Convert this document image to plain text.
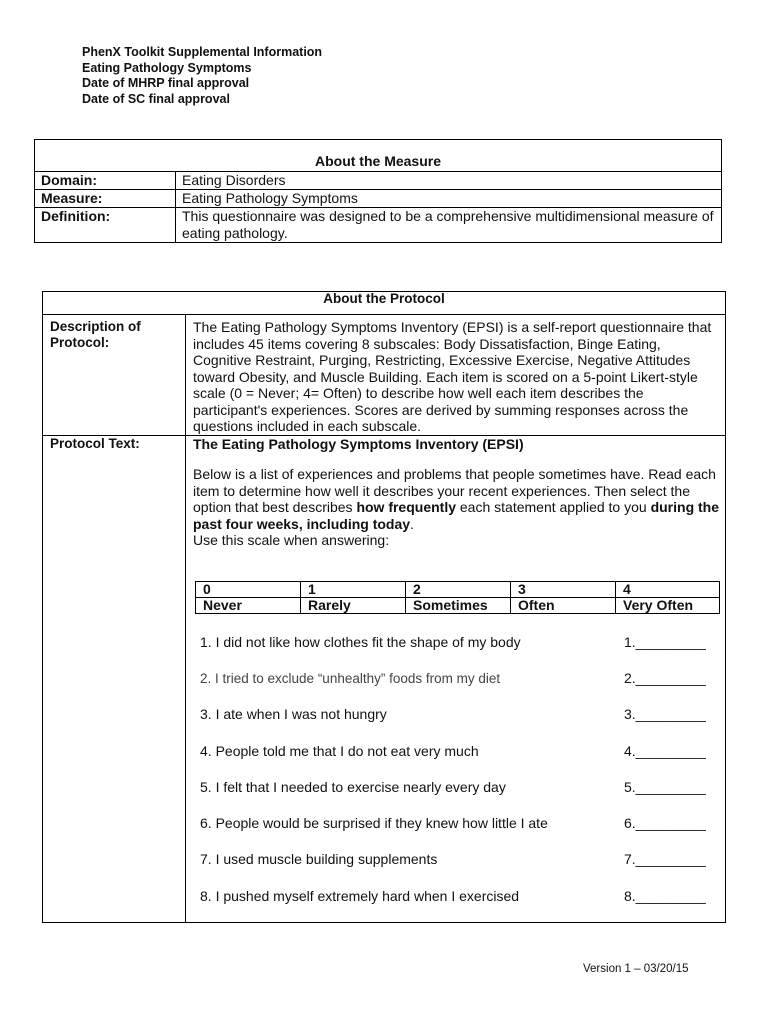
PhenX Toolkit Supplemental Information
Eating Pathology Symptoms
Date of MHRP final approval
Date of SC final approval
About the Measure	
Domain:	Eating Disorders
Measure:	Eating Pathology Symptoms
Definition:	This questionnaire was designed to be a comprehensive multidimensional measure of eating pathology.
About the Protocol
Description of Protocol:
The Eating Pathology Symptoms Inventory (EPSI) is a self-report questionnaire that includes 45 items covering 8 subscales: Body Dissatisfaction, Binge Eating, Cognitive Restraint, Purging, Restricting, Excessive Exercise, Negative Attitudes toward Obesity, and Muscle Building. Each item is scored on a 5-point Likert-style scale (0 = Never; 4= Often) to describe how well each item describes the participant's experiences. Scores are derived by summing responses across the questions included in each subscale.
Protocol Text:	The Eating Pathology Symptoms Inventory (EPSI)
Below is a list of experiences and problems that people sometimes have. Read each item to determine how well it describes your recent experiences. Then select the option that best describes how frequently each statement applied to you during the past four weeks, including today.
Use this scale when answering:
0	1	2	3	4
Never	Rarely	Sometimes	Often	Very Often
1. I did not like how clothes fit the shape of my body	1._________
2. I tried to exclude “unhealthy” foods from my diet	2._________
3. I ate when I was not hungry	3._________
4. People told me that I do not eat very much	4._________
5. I felt that I needed to exercise nearly every day	5._________
6. People would be surprised if they knew how little I ate	6._________
7. I used muscle building supplements	7._________
8. I pushed myself extremely hard when I exercised	8._________
Version 1 – 03/20/15
